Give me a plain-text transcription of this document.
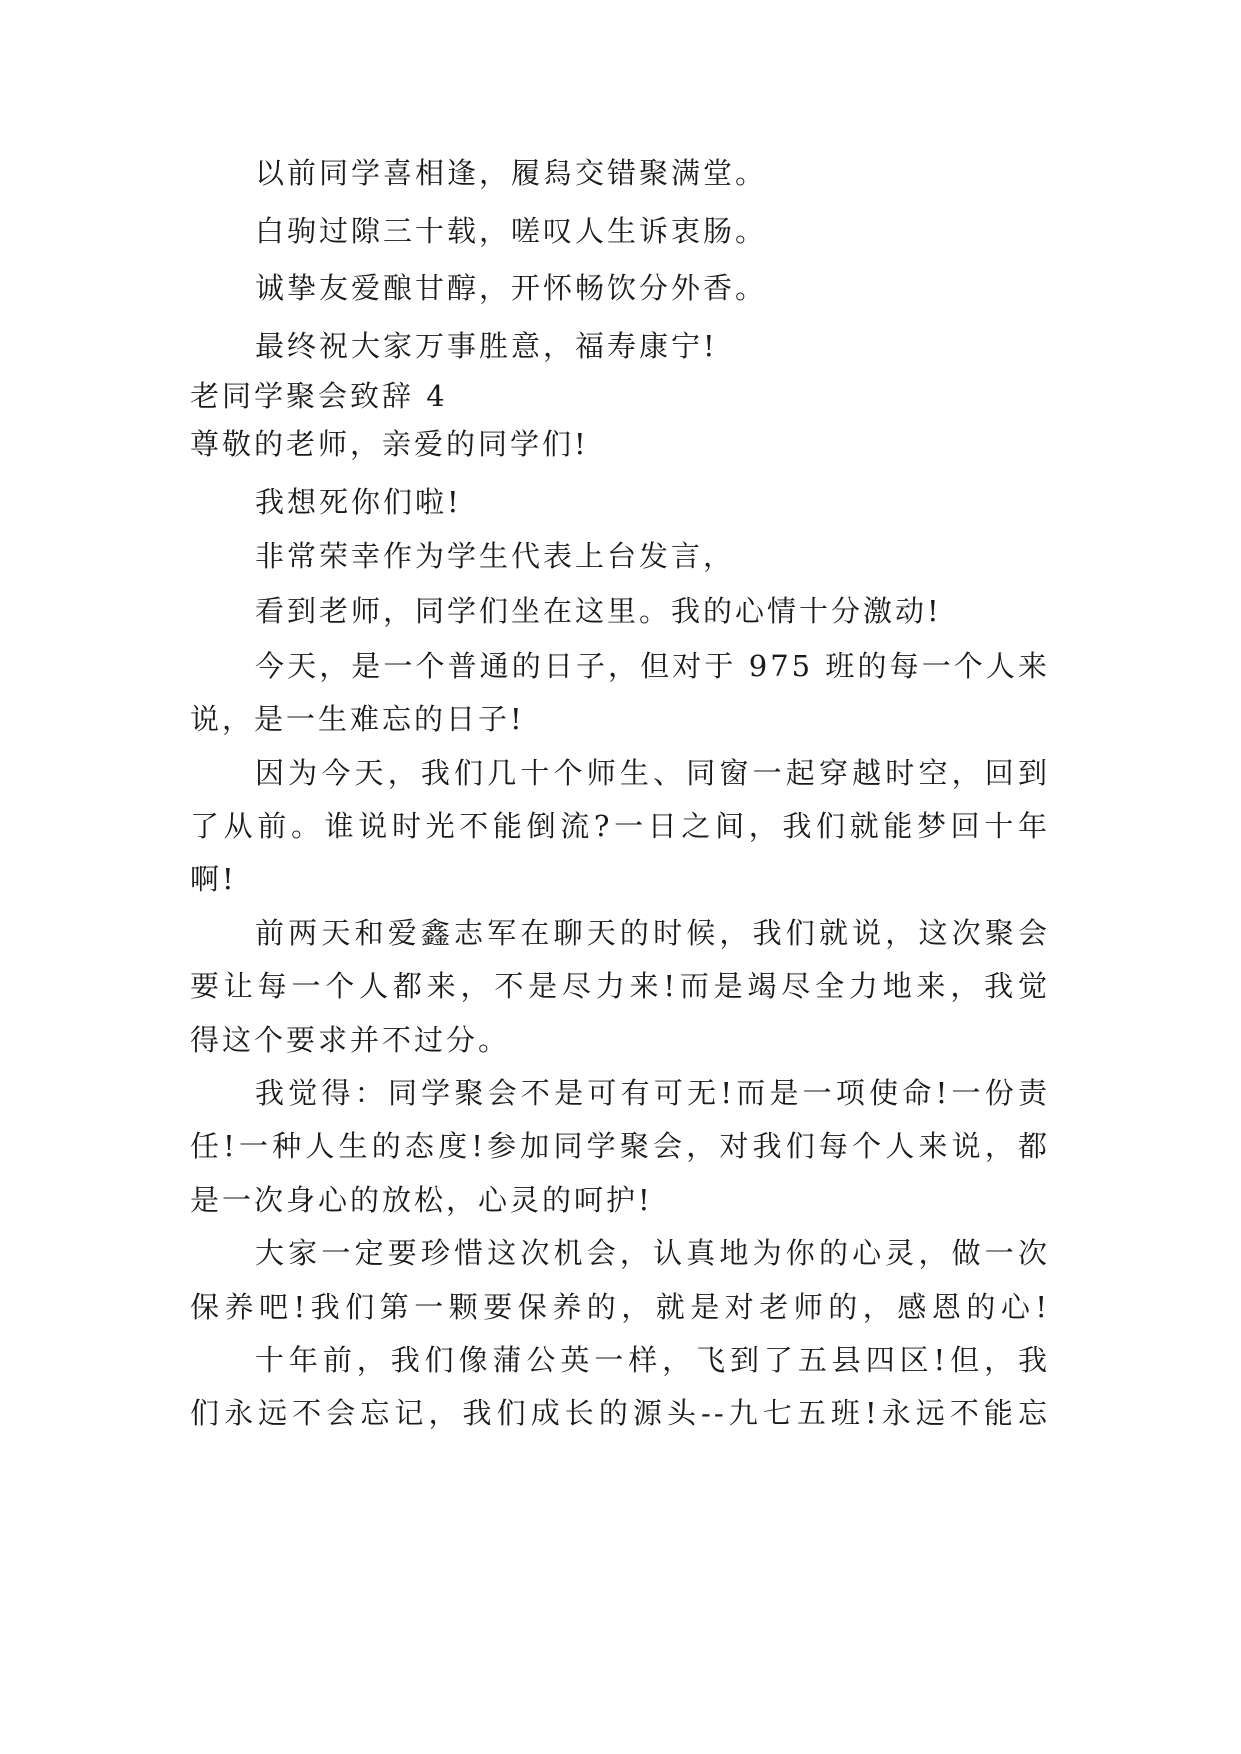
以前同学喜相逢，履舄交错聚满堂。
白驹过隙三十载，嗟叹人生诉衷肠。
诚挚友爱酿甘醇，开怀畅饮分外香。
最终祝大家万事胜意，福寿康宁!
老同学聚会致辞 4
尊敬的老师，亲爱的同学们!
我想死你们啦!
非常荣幸作为学生代表上台发言，
看到老师，同学们坐在这里。我的心情十分激动!
今天，是一个普通的日子，但对于 975 班的每一个人来
说，是一生难忘的日子!
因为今天，我们几十个师生、同窗一起穿越时空，回到
了从前。谁说时光不能倒流?一日之间，我们就能梦回十年
啊!
前两天和爱鑫志军在聊天的时候，我们就说，这次聚会
要让每一个人都来，不是尽力来!而是竭尽全力地来，我觉
得这个要求并不过分。
我觉得：同学聚会不是可有可无!而是一项使命!一份责
任!一种人生的态度!参加同学聚会，对我们每个人来说，都
是一次身心的放松，心灵的呵护!
大家一定要珍惜这次机会，认真地为你的心灵，做一次
保养吧!我们第一颗要保养的，就是对老师的，感恩的心!
十年前，我们像蒲公英一样，飞到了五县四区!但，我
们永远不会忘记，我们成长的源头--九七五班!永远不能忘
